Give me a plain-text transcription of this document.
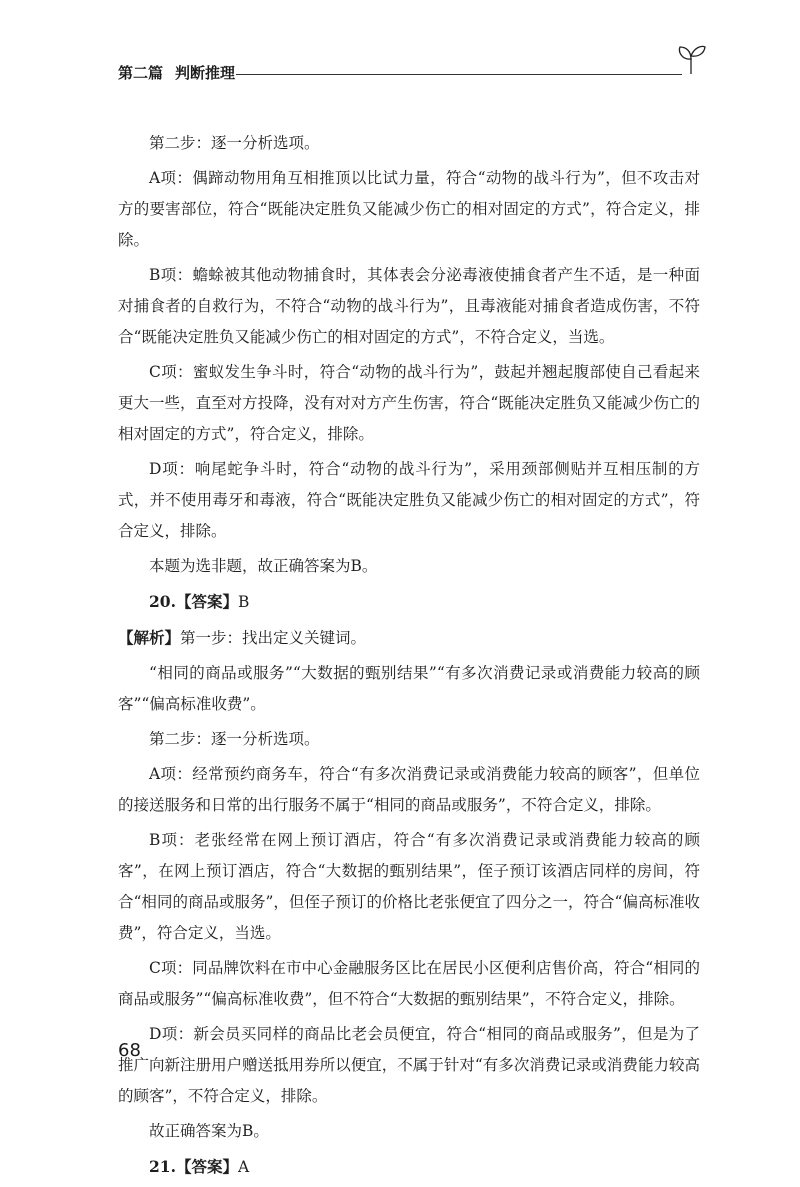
第二篇 判断推理

第二步：逐一分析选项。

A项：偶蹄动物用角互相推顶以比试力量，符合“动物的战斗行为”，但不攻击对方的要害部位，符合“既能决定胜负又能减少伤亡的相对固定的方式”，符合定义，排除。

B项：蟾蜍被其他动物捕食时，其体表会分泌毒液使捕食者产生不适，是一种面对捕食者的自救行为，不符合“动物的战斗行为”，且毒液能对捕食者造成伤害，不符合“既能决定胜负又能减少伤亡的相对固定的方式”，不符合定义，当选。

C项：蜜蚁发生争斗时，符合“动物的战斗行为”，鼓起并翘起腹部使自己看起来更大一些，直至对方投降，没有对对方产生伤害，符合“既能决定胜负又能减少伤亡的相对固定的方式”，符合定义，排除。

D项：响尾蛇争斗时，符合“动物的战斗行为”，采用颈部侧贴并互相压制的方式，并不使用毒牙和毒液，符合“既能决定胜负又能减少伤亡的相对固定的方式”，符合定义，排除。

本题为选非题，故正确答案为B。

20.【答案】B

【解析】第一步：找出定义关键词。

“相同的商品或服务”“大数据的甄别结果”“有多次消费记录或消费能力较高的顾客”“偏高标准收费”。

第二步：逐一分析选项。

A项：经常预约商务车，符合“有多次消费记录或消费能力较高的顾客”，但单位的接送服务和日常的出行服务不属于“相同的商品或服务”，不符合定义，排除。

B项：老张经常在网上预订酒店，符合“有多次消费记录或消费能力较高的顾客”，在网上预订酒店，符合“大数据的甄别结果”，侄子预订该酒店同样的房间，符合“相同的商品或服务”，但侄子预订的价格比老张便宜了四分之一，符合“偏高标准收费”，符合定义，当选。

C项：同品牌饮料在市中心金融服务区比在居民小区便利店售价高，符合“相同的商品或服务”“偏高标准收费”，但不符合“大数据的甄别结果”，不符合定义，排除。

D项：新会员买同样的商品比老会员便宜，符合“相同的商品或服务”，但是为了推广向新注册用户赠送抵用券所以便宜，不属于针对“有多次消费记录或消费能力较高的顾客”，不符合定义，排除。

故正确答案为B。

21.【答案】A

68
